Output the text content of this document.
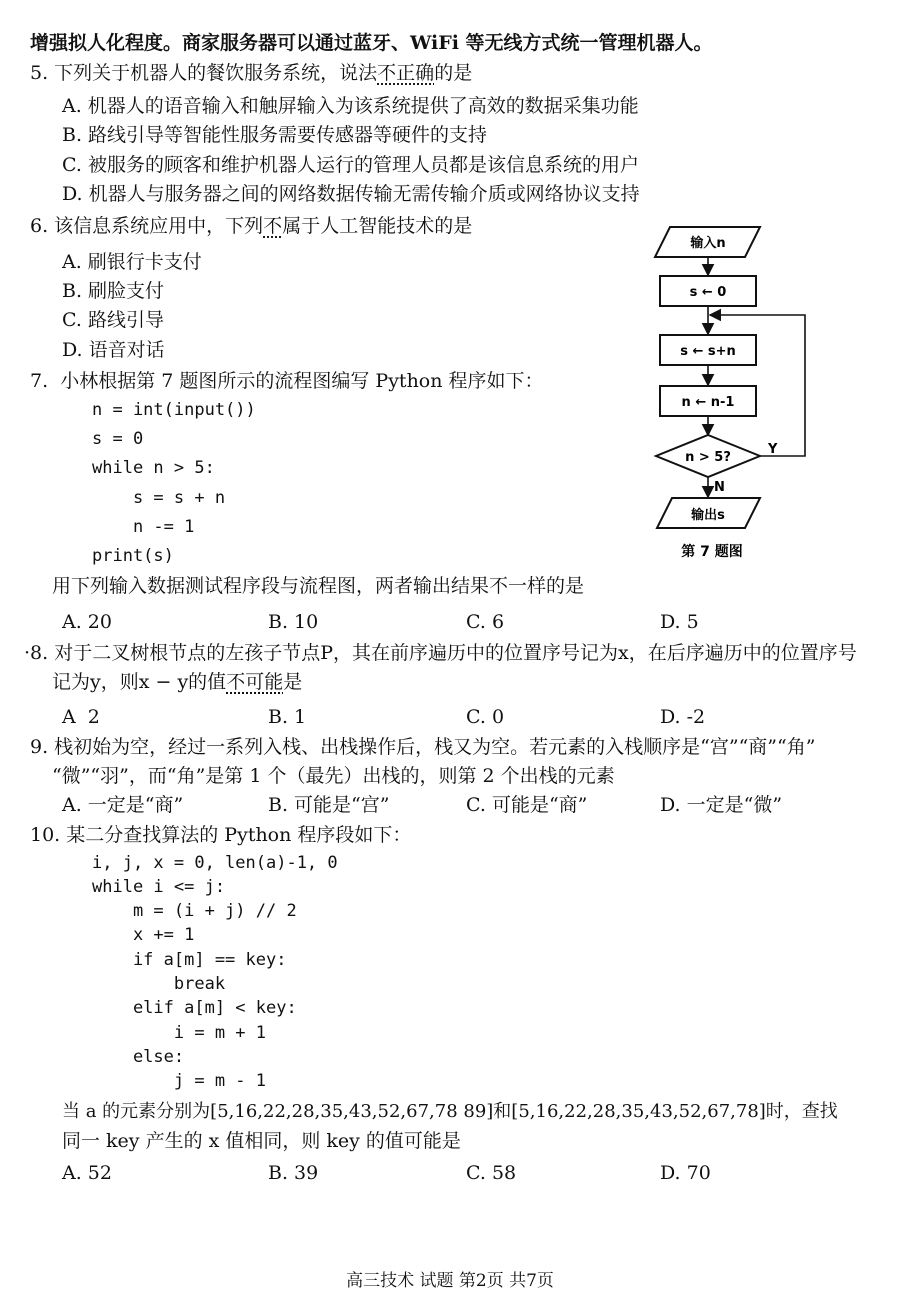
增强拟人化程度。商家服务器可以通过蓝牙、WiFi 等无线方式统一管理机器人。
5. 下列关于机器人的餐饮服务系统，说法不正确的是
A. 机器人的语音输入和触屏输入为该系统提供了高效的数据采集功能
B. 路线引导等智能性服务需要传感器等硬件的支持
C. 被服务的顾客和维护机器人运行的管理人员都是该信息系统的用户
D. 机器人与服务器之间的网络数据传输无需传输介质或网络协议支持
6. 该信息系统应用中，下列不属于人工智能技术的是
A. 刷银行卡支付
B. 刷脸支付
C. 路线引导
D. 语音对话
7.  小林根据第 7 题图所示的流程图编写 Python 程序如下：
n = int(input())
s = 0
while n > 5:
s = s + n
n -= 1
print(s)
用下列输入数据测试程序段与流程图，两者输出结果不一样的是
A. 20	B. 10	C. 6	D. 5
输入n
s ← 0
s ← s+n
n ← n-1
n > 5?
Y
N
输出s
第 7 题图
·8. 对于二叉树根节点的左孩子节点P，其在前序遍历中的位置序号记为x，在后序遍历中的位置序号
记为y，则x − y的值不可能是
A  2	B. 1	C. 0	D. -2
9. 栈初始为空，经过一系列入栈、出栈操作后，栈又为空。若元素的入栈顺序是“宫”“商”“角”
“微”“羽”，而“角”是第 1 个（最先）出栈的，则第 2 个出栈的元素
A. 一定是“商”	B. 可能是“宫”	C. 可能是“商”	D. 一定是“微”
10. 某二分查找算法的 Python 程序段如下：
i, j, x = 0, len(a)-1, 0
while i <= j:
m = (i + j) // 2
x += 1
if a[m] == key:
break
elif a[m] < key:
i = m + 1
else:
j = m - 1
当 a 的元素分别为[5,16,22,28,35,43,52,67,78 89]和[5,16,22,28,35,43,52,67,78]时，查找
同一 key 产生的 x 值相同，则 key 的值可能是
A. 52	B. 39	C. 58	D. 70
高三技术 试题 第2页 共7页
